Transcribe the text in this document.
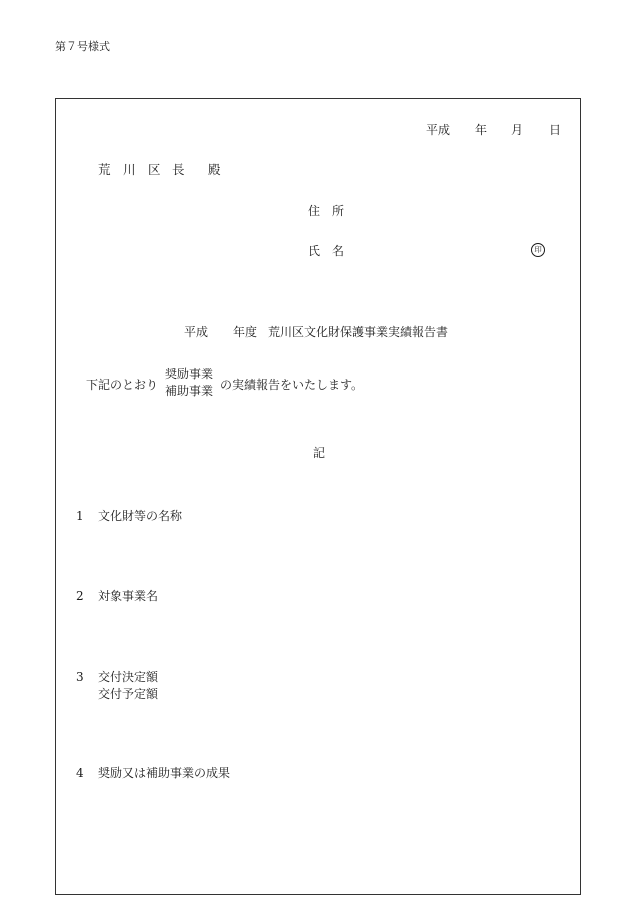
第７号様式
平成 年 月 日
荒 川 区 長 殿
住　所
氏　名	印
平成 年度 荒川区文化財保護事業実績報告書
下記のとおり
奨励事業
補助事業 の実績報告をいたします。
記
1 文化財等の名称
2 対象事業名
3 交付決定額
交付予定額
4 奨励又は補助事業の成果
